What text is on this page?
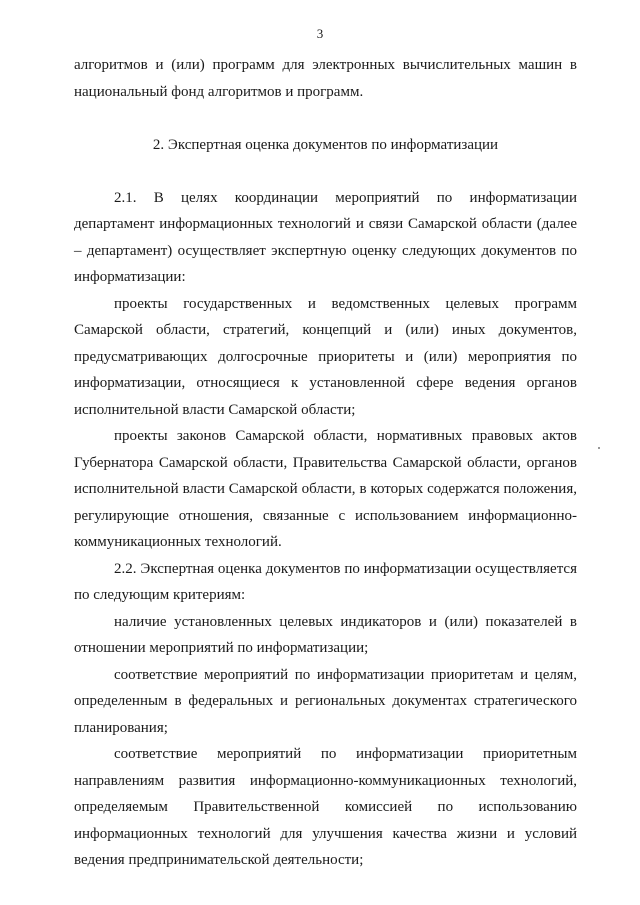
3

алгоритмов и (или) программ для электронных вычислительных машин в национальный фонд алгоритмов и программ.

2. Экспертная оценка документов по информатизации

2.1. В целях координации мероприятий по информатизации департамент информационных технологий и связи Самарской области (далее – департамент) осуществляет экспертную оценку следующих документов по информатизации:

проекты государственных и ведомственных целевых программ Самарской области, стратегий, концепций и (или) иных документов, предусматривающих долгосрочные приоритеты и (или) мероприятия по информатизации, относящиеся к установленной сфере ведения органов исполнительной власти Самарской области;

проекты законов Самарской области, нормативных правовых актов Губернатора Самарской области, Правительства Самарской области, органов исполнительной власти Самарской области, в которых содержатся положения, регулирующие отношения, связанные с использованием информационно-коммуникационных технологий.

2.2. Экспертная оценка документов по информатизации осуществляется по следующим критериям:

наличие установленных целевых индикаторов и (или) показателей в отношении мероприятий по информатизации;

соответствие мероприятий по информатизации приоритетам и целям, определенным в федеральных и региональных документах стратегического планирования;

соответствие мероприятий по информатизации приоритетным направлениям развития информационно-коммуникационных технологий, определяемым Правительственной комиссией по использованию информационных технологий для улучшения качества жизни и условий ведения предпринимательской деятельности;
